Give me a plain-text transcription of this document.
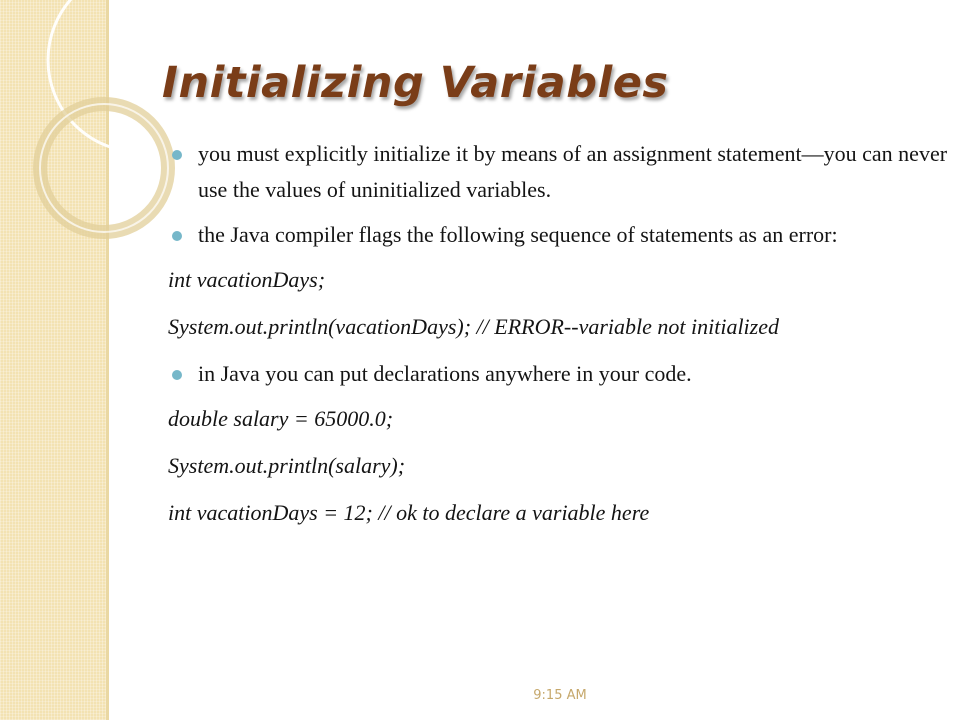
Initializing Variables
you must explicitly initialize it by means of an assignment statement—you can never use the values of uninitialized variables.
the Java compiler flags the following sequence of statements as an error:
int vacationDays;
System.out.println(vacationDays); // ERROR--variable not initialized
in Java you can put declarations anywhere in your code.
double salary = 65000.0;
System.out.println(salary);
int vacationDays = 12; // ok to declare a variable here
9:15 AM
